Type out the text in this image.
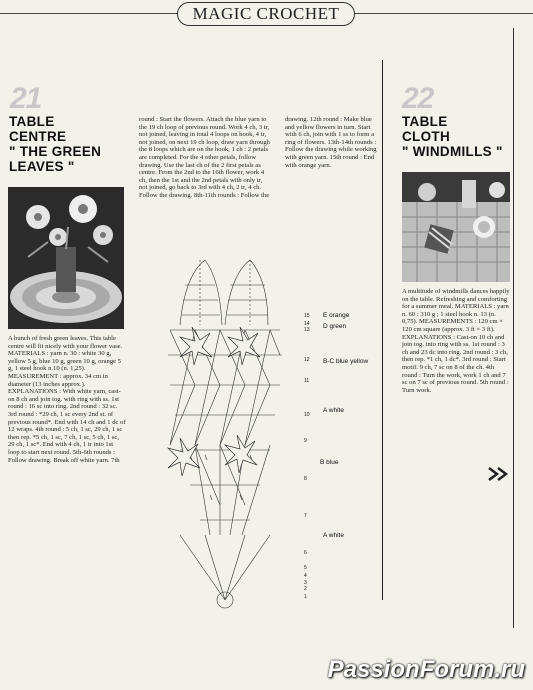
MAGIC CROCHET
21
TABLE
CENTRE
" THE GREEN
LEAVES "

A bunch of fresh green leaves. This table centre will fit nicely with your flower vase. MATERIALS : yarn n. 30 : white 30 g, yellow 5 g, blue 10 g, green 10 g, orange 5 g, 1 steel hook n.10 (n. 1,25). MEASUREMENT : approx. 34 cm in diameter (13 inches approx.). EXPLANATIONS : With white yarn, cast-on 8 ch and join tog. with ring with ss. 1st round : 16 sc into ring. 2nd round : 32 sc. 3rd round : *29 ch, 1 sc every 2nd st. of previous round*. End with 14 ch and 1 dc of 12 wraps. 4th round : 5 ch, 1 sc, 29 ch, 1 sc then rep. *5 ch, 1 sc, 7 ch, 1 sc, 5 ch, 1 sc, 29 ch, 1 sc*. End with 4 ch, 1 tr into 1st loop to start next round. 5th-6th rounds : Follow drawing. Break off white yarn. 7th

round : Start the flowers. Attach the blue yarn to the 19 ch loop of previous round. Work 4 ch, 3 tr, not joined, leaving in total 4 loops on hook, 4 tr, not joined, on next 19 ch loop, draw yarn through the 8 loops which are on the hook, 1 ch : 2 petals are completed. For the 4 other petals, follow drawing. Use the last ch of the 2 first petals as centre. From the 2nd to the 16th flower, work 4 ch, then the 1st and the 2nd petals with only tr, not joined, go back to 3rd with 4 ch, 2 tr, 4 ch. Follow the drawing. 8th-11th rounds : Follow the

drawing. 12th round : Make blue and yellow flowers in turn. Start with 6 ch, join with 1 ss to form a ring of flowers. 13th-14th rounds : Follow the drawing while working with green yarn. 15th round : End with orange yarn.

E orange
D green
B-C blue yellow
A white
B blue
A white
15
14
13
12
11
10
9
8
7
6
5
4
3
2
1
22
TABLE
CLOTH
" WINDMILLS "

A multitude of windmills dances happily on the table. Refreshing and comforting for a summer meal. MATERIALS : yarn n. 60 : 310 g ; 1 steel hook n. 13 (n. 0,75). MEASUREMENTS : 120 cm × 120 cm square (approx. 3 ft × 3 ft). EXPLANATIONS : Cast-on 10 ch and join tog. into ring with ss. 1st round : 3 ch and 23 dc into ring. 2nd round : 3 ch, then rep. *1 ch, 1 dc*. 3rd round : Start motif. 9 ch, 7 sc on 8 of the ch. 4th round : Turn the work, work 1 ch and 7 sc on 7 sc of previous round. 5th round : Turn work.

PassionForum.ru
